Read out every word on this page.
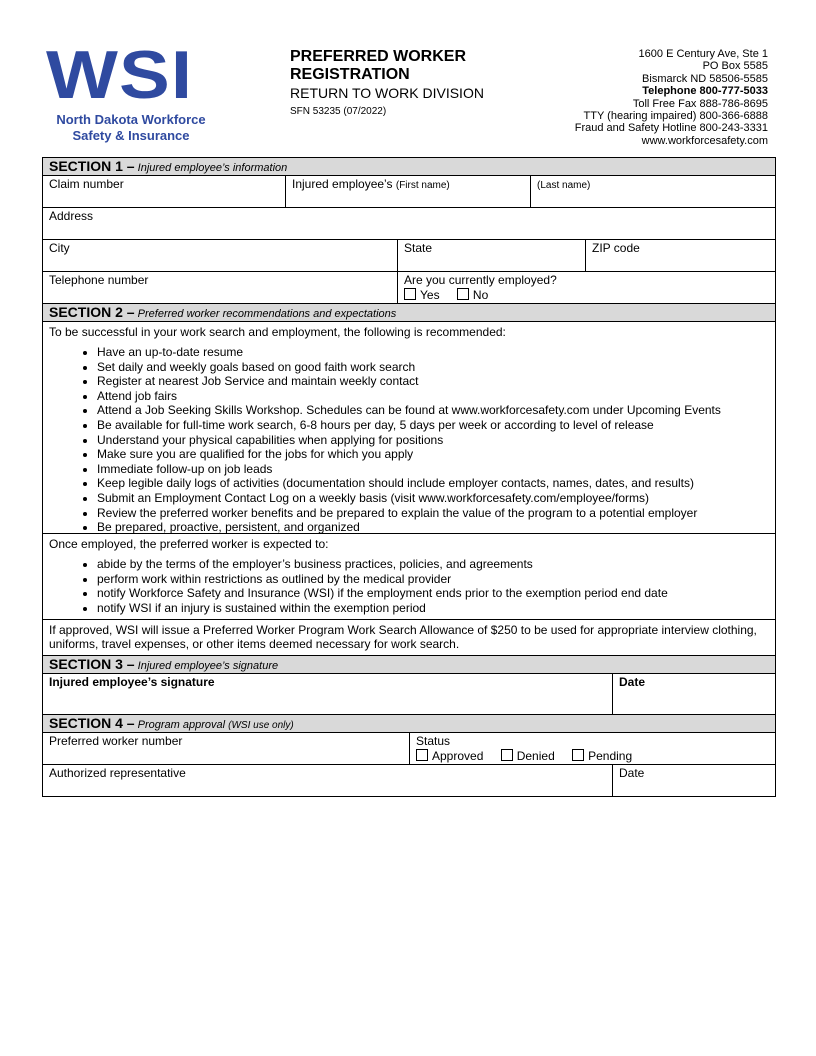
WSI
North Dakota Workforce
Safety & Insurance
PREFERRED WORKER
REGISTRATION
RETURN TO WORK DIVISION
SFN 53235 (07/2022)
1600 E Century Ave, Ste 1
PO Box 5585
Bismarck ND 58506-5585
Telephone 800-777-5033
Toll Free Fax 888-786-8695
TTY (hearing impaired) 800-366-6888
Fraud and Safety Hotline 800-243-3331
www.workforcesafety.com
SECTION 1 – Injured employee’s information
Claim number	Injured employee’s (First name)	(Last name)
Address
City	State	ZIP code
Telephone number	Are you currently employed?
Yes	No
SECTION 2 – Preferred worker recommendations and expectations
To be successful in your work search and employment, the following is recommended:
• Have an up-to-date resume
• Set daily and weekly goals based on good faith work search
• Register at nearest Job Service and maintain weekly contact
• Attend job fairs
• Attend a Job Seeking Skills Workshop. Schedules can be found at www.workforcesafety.com under Upcoming Events
• Be available for full-time work search, 6-8 hours per day, 5 days per week or according to level of release
• Understand your physical capabilities when applying for positions
• Make sure you are qualified for the jobs for which you apply
• Immediate follow-up on job leads
• Keep legible daily logs of activities (documentation should include employer contacts, names, dates, and results)
• Submit an Employment Contact Log on a weekly basis (visit www.workforcesafety.com/employee/forms)
• Review the preferred worker benefits and be prepared to explain the value of the program to a potential employer
• Be prepared, proactive, persistent, and organized
Once employed, the preferred worker is expected to:
• abide by the terms of the employer’s business practices, policies, and agreements
• perform work within restrictions as outlined by the medical provider
• notify Workforce Safety and Insurance (WSI) if the employment ends prior to the exemption period end date
• notify WSI if an injury is sustained within the exemption period
If approved, WSI will issue a Preferred Worker Program Work Search Allowance of $250 to be used for appropriate interview clothing, uniforms, travel expenses, or other items deemed necessary for work search.
SECTION 3 – Injured employee’s signature
Injured employee’s signature	Date
SECTION 4 – Program approval (WSI use only)
Preferred worker number	Status
Approved	Denied	Pending
Authorized representative	Date
